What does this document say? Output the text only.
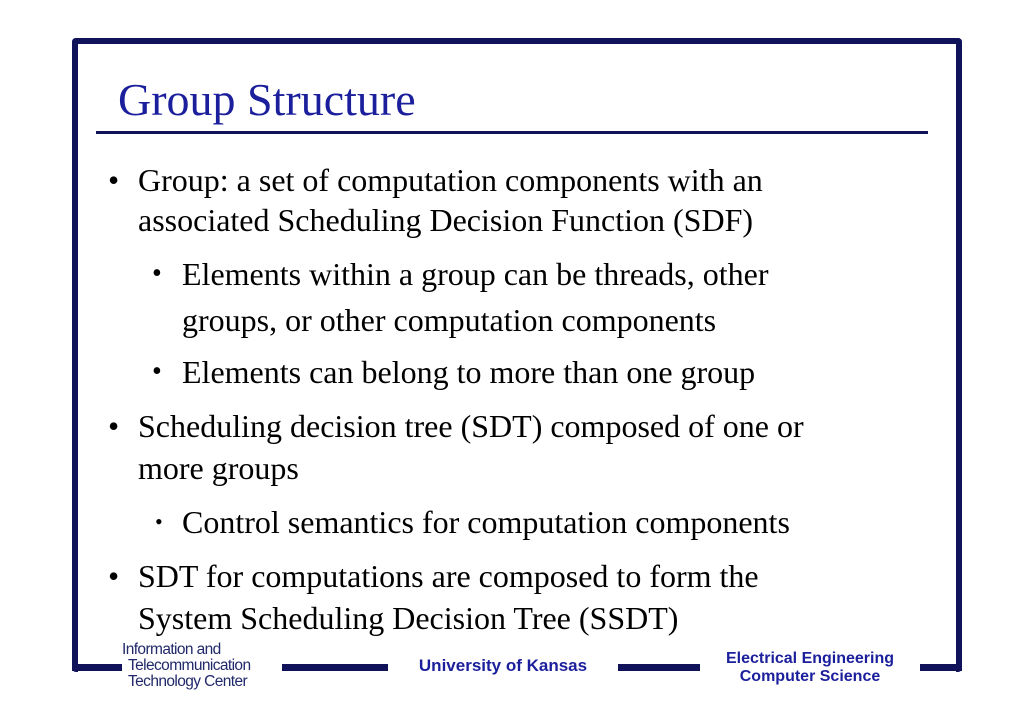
Group Structure
• Group: a set of computation components with an
associated Scheduling Decision Function (SDF)
• Elements within a group can be threads, other
groups, or other computation components
• Elements can belong to more than one group
• Scheduling decision tree (SDT) composed of one or
more groups
• Control semantics for computation components
• SDT for computations are composed to form the
System Scheduling Decision Tree (SSDT)
Information and
Telecommunication
Technology Center
University of Kansas	Electrical Engineering
Computer Science
